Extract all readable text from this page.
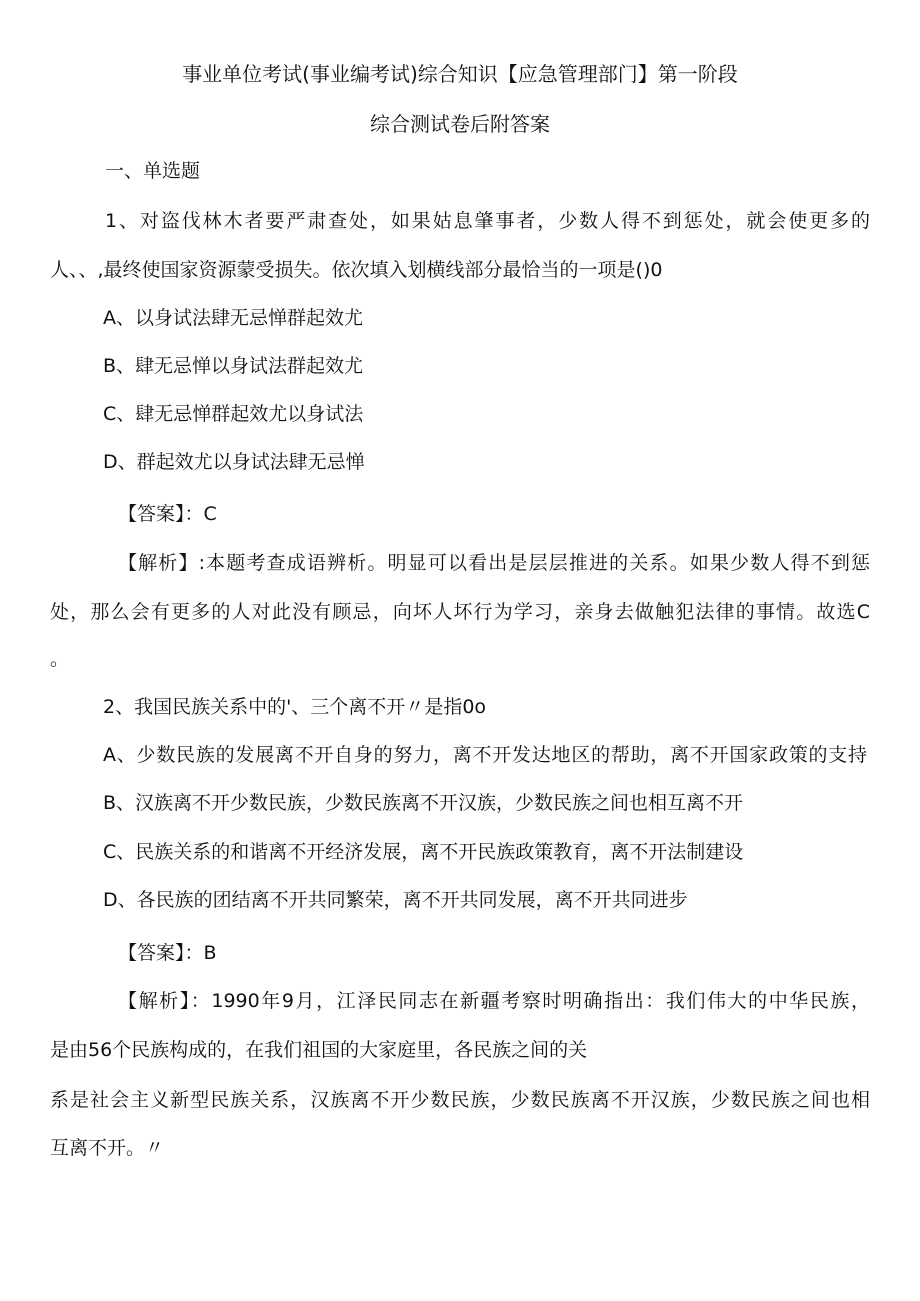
事业单位考试(事业编考试)综合知识【应急管理部门】第一阶段
综合测试卷后附答案
一、单选题
1、对盗伐林木者要严肃查处，如果姑息肇事者，少数人得不到惩处，就会使更多的
人、、,最终使国家资源蒙受损失。依次填入划横线部分最恰当的一项是()0
A、以身试法肆无忌惮群起效尤
B、肆无忌惮以身试法群起效尤
C、肆无忌惮群起效尤以身试法
D、群起效尤以身试法肆无忌惮
【答案】：C
【解析】:本题考查成语辨析。明显可以看出是层层推进的关系。如果少数人得不到惩
处，那么会有更多的人对此没有顾忌，向坏人坏行为学习，亲身去做触犯法律的事情。故选C
。
2、我国民族关系中的'、三个离不开〃是指0o
A、少数民族的发展离不开自身的努力，离不开发达地区的帮助，离不开国家政策的支持
B、汉族离不开少数民族，少数民族离不开汉族，少数民族之间也相互离不开
C、民族关系的和谐离不开经济发展，离不开民族政策教育，离不开法制建设
D、各民族的团结离不开共同繁荣，离不开共同发展，离不开共同进步
【答案】：B
【解析】：1990年9月，江泽民同志在新疆考察时明确指出：我们伟大的中华民族，
是由56个民族构成的，在我们祖国的大家庭里，各民族之间的关
系是社会主义新型民族关系，汉族离不开少数民族，少数民族离不开汉族，少数民族之间也相
互离不开。〃
